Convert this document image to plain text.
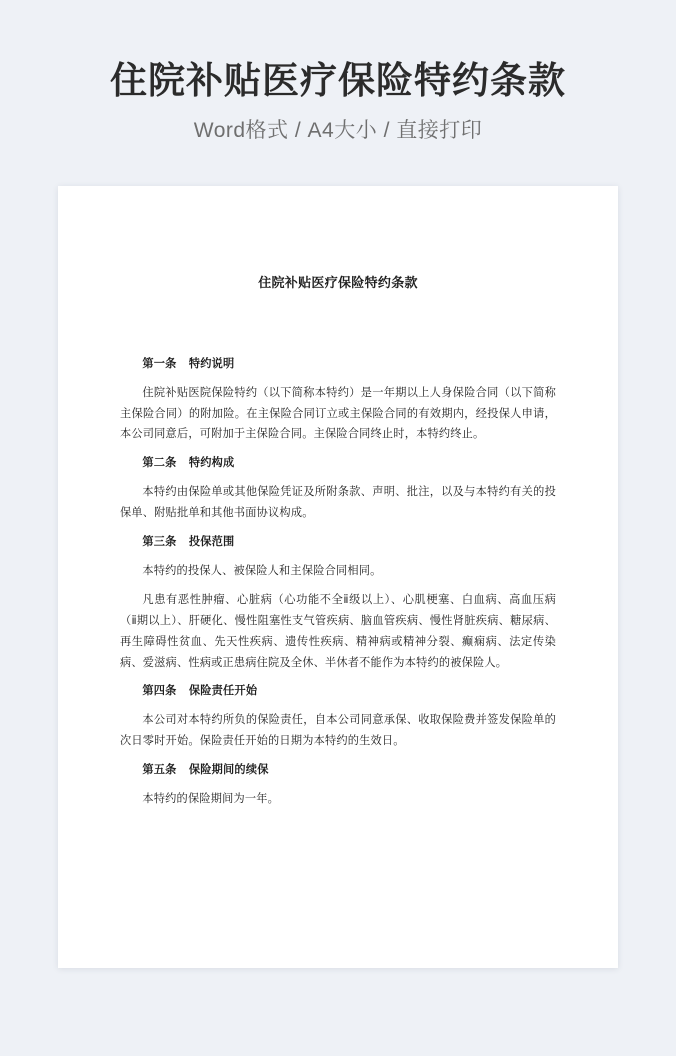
住院补贴医疗保险特约条款
Word格式 / A4大小 / 直接打印
住院补贴医疗保险特约条款
第一条 特约说明

住院补贴医院保险特约（以下简称本特约）是一年期以上人身保险合同（以下简称主保险合同）的附加险。在主保险合同订立或主保险合同的有效期内，经投保人申请，本公司同意后，可附加于主保险合同。主保险合同终止时，本特约终止。

第二条 特约构成

本特约由保险单或其他保险凭证及所附条款、声明、批注，以及与本特约有关的投保单、附贴批单和其他书面协议构成。

第三条 投保范围

本特约的投保人、被保险人和主保险合同相同。

凡患有恶性肿瘤、心脏病（心功能不全ⅱ级以上）、心肌梗塞、白血病、高血压病（ⅱ期以上）、肝硬化、慢性阻塞性支气管疾病、脑血管疾病、慢性肾脏疾病、糖尿病、再生障碍性贫血、先天性疾病、遗传性疾病、精神病或精神分裂、癫痫病、法定传染病、爱滋病、性病或正患病住院及全休、半休者不能作为本特约的被保险人。

第四条 保险责任开始

本公司对本特约所负的保险责任，自本公司同意承保、收取保险费并签发保险单的次日零时开始。保险责任开始的日期为本特约的生效日。

第五条 保险期间的续保

本特约的保险期间为一年。
